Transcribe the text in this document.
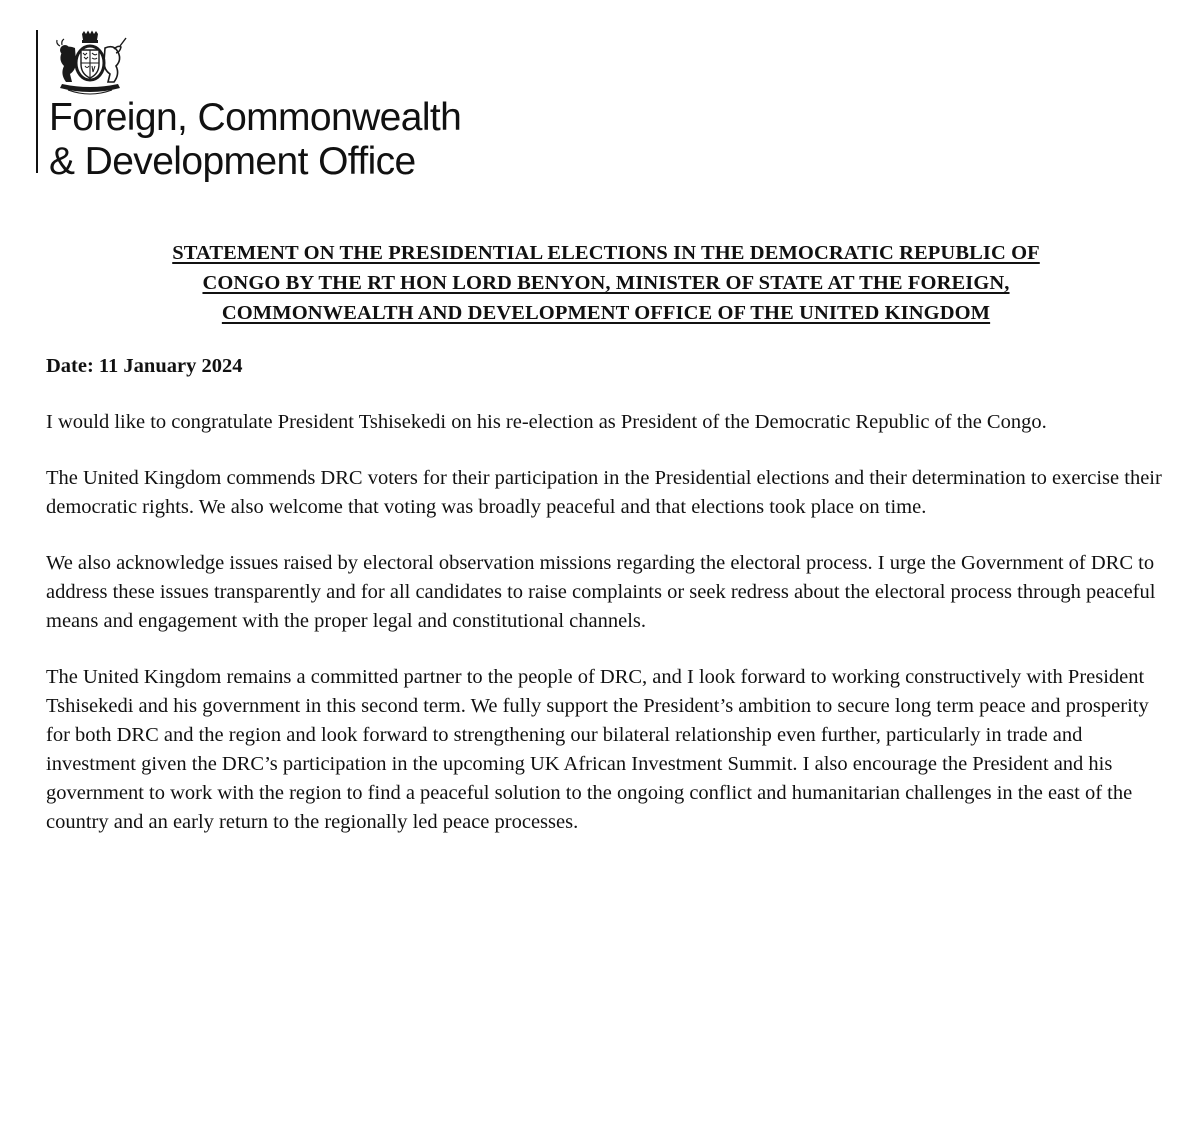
Foreign, Commonwealth
& Development Office
STATEMENT ON THE PRESIDENTIAL ELECTIONS IN THE DEMOCRATIC REPUBLIC OF
CONGO BY THE RT HON LORD BENYON, MINISTER OF STATE AT THE FOREIGN,
COMMONWEALTH AND DEVELOPMENT OFFICE OF THE UNITED KINGDOM

Date: 11 January 2024

I would like to congratulate President Tshisekedi on his re-election as President of the Democratic Republic of the Congo.

The United Kingdom commends DRC voters for their participation in the Presidential elections and their determination to exercise their democratic rights. We also welcome that voting was broadly peaceful and that elections took place on time.

We also acknowledge issues raised by electoral observation missions regarding the electoral process. I urge the Government of DRC to address these issues transparently and for all candidates to raise complaints or seek redress about the electoral process through peaceful means and engagement with the proper legal and constitutional channels.

The United Kingdom remains a committed partner to the people of DRC, and I look forward to working constructively with President Tshisekedi and his government in this second term. We fully support the President’s ambition to secure long term peace and prosperity for both DRC and the region and look forward to strengthening our bilateral relationship even further, particularly in trade and investment given the DRC’s participation in the upcoming UK African Investment Summit. I also encourage the President and his government to work with the region to find a peaceful solution to the ongoing conflict and humanitarian challenges in the east of the country and an early return to the regionally led peace processes.
